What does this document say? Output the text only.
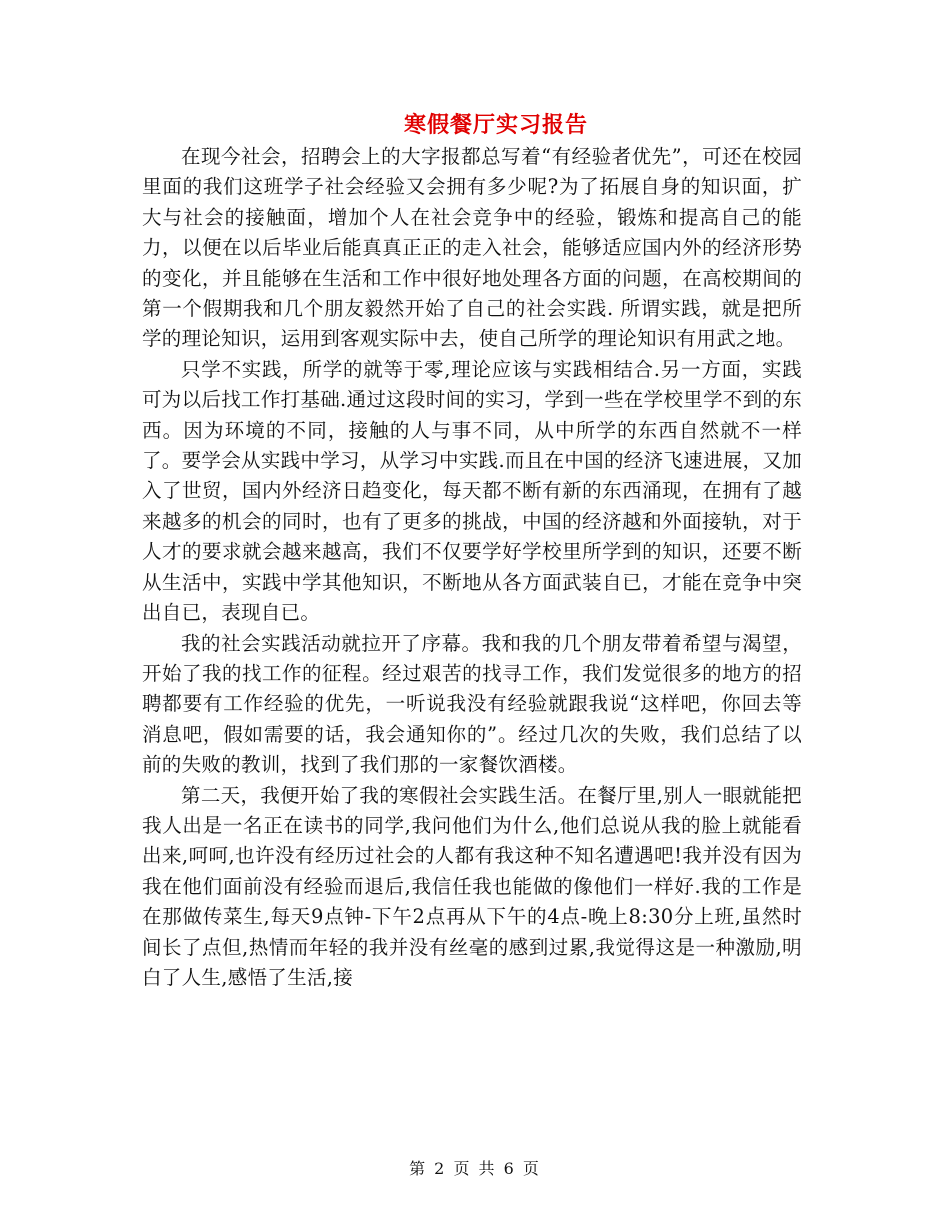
寒假餐厅实习报告

在现今社会，招聘会上的大字报都总写着“有经验者优先”，可还在校园里面的我们这班学子社会经验又会拥有多少呢?为了拓展自身的知识面，扩大与社会的接触面，增加个人在社会竞争中的经验，锻炼和提高自己的能力，以便在以后毕业后能真真正正的走入社会，能够适应国内外的经济形势的变化，并且能够在生活和工作中很好地处理各方面的问题，在高校期间的第一个假期我和几个朋友毅然开始了自己的社会实践. 所谓实践，就是把所学的理论知识，运用到客观实际中去，使自己所学的理论知识有用武之地。

只学不实践，所学的就等于零,理论应该与实践相结合.另一方面，实践可为以后找工作打基础.通过这段时间的实习，学到一些在学校里学不到的东西。因为环境的不同，接触的人与事不同，从中所学的东西自然就不一样了。要学会从实践中学习，从学习中实践.而且在中国的经济飞速进展，又加入了世贸，国内外经济日趋变化，每天都不断有新的东西涌现，在拥有了越来越多的机会的同时，也有了更多的挑战，中国的经济越和外面接轨，对于人才的要求就会越来越高，我们不仅要学好学校里所学到的知识，还要不断从生活中，实践中学其他知识，不断地从各方面武装自已，才能在竞争中突出自已，表现自已。

我的社会实践活动就拉开了序幕。我和我的几个朋友带着希望与渴望，开始了我的找工作的征程。经过艰苦的找寻工作，我们发觉很多的地方的招聘都要有工作经验的优先，一听说我没有经验就跟我说“这样吧，你回去等消息吧，假如需要的话，我会通知你的”。经过几次的失败，我们总结了以前的失败的教训，找到了我们那的一家餐饮酒楼。

第二天，我便开始了我的寒假社会实践生活。在餐厅里,别人一眼就能把我人出是一名正在读书的同学,我问他们为什么,他们总说从我的脸上就能看出来,呵呵,也许没有经历过社会的人都有我这种不知名遭遇吧!我并没有因为我在他们面前没有经验而退后,我信任我也能做的像他们一样好.我的工作是在那做传菜生,每天9点钟-下午2点再从下午的4点-晚上8:30分上班,虽然时间长了点但,热情而年轻的我并没有丝毫的感到过累,我觉得这是一种激励,明白了人生,感悟了生活,接

第 2 页 共 6 页
